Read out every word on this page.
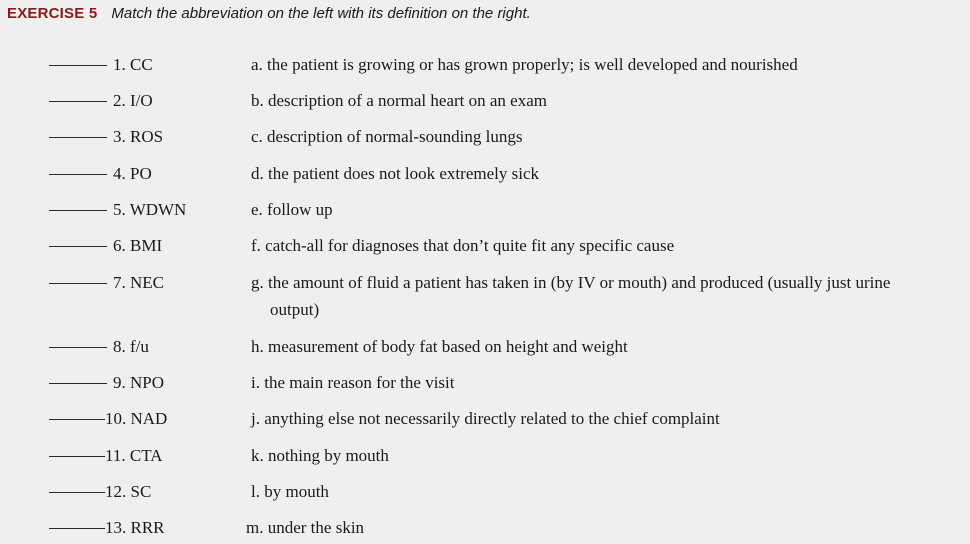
EXERCISE 5 Match the abbreviation on the left with its definition on the right.
1. CC	a. the patient is growing or has grown properly; is well developed and nourished
2. I/O	b. description of a normal heart on an exam
3. ROS	c. description of normal-sounding lungs
4. PO	d. the patient does not look extremely sick
5. WDWN	e. follow up
6. BMI	f. catch-all for diagnoses that don’t quite fit any specific cause
7. NEC	g. the amount of fluid a patient has taken in (by IV or mouth) and produced (usually just urine
output)
8. f/u	h. measurement of body fat based on height and weight
9. NPO	i. the main reason for the visit
10. NAD	j. anything else not necessarily directly related to the chief complaint
11. CTA	k. nothing by mouth
12. SC	l. by mouth
13. RRR	m. under the skin
